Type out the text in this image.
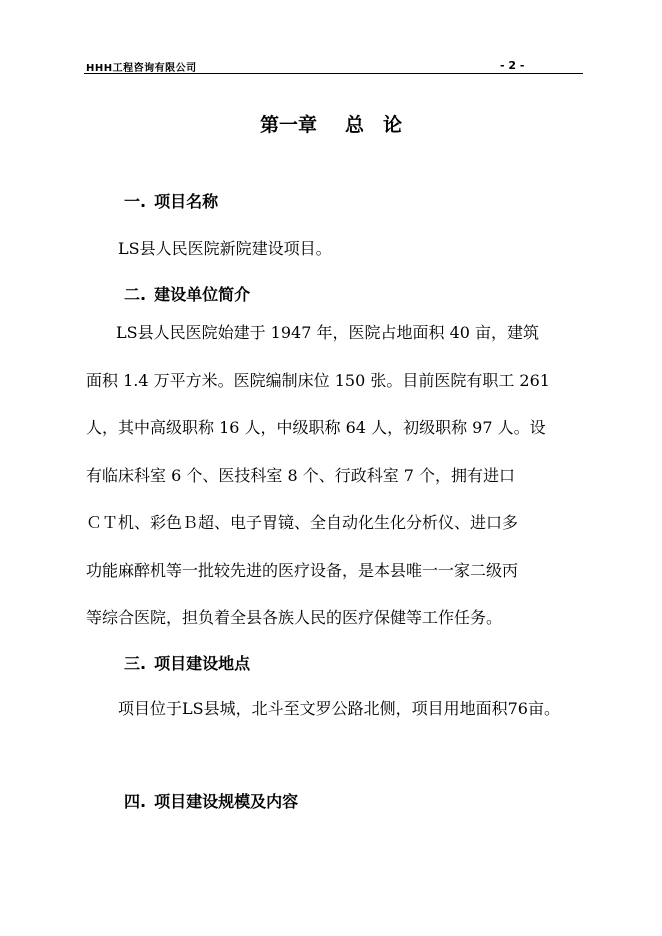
HHH工程咨询有限公司	- 2 -
第一章 总　论
一. 项目名称
LS县人民医院新院建设项目。
二. 建设单位简介
LS县人民医院始建于 1947 年，医院占地面积 40 亩，建筑
面积 1.4 万平方米。医院编制床位 150 张。目前医院有职工 261
人，其中高级职称 16 人，中级职称 64 人，初级职称 97 人。设
有临床科室 6 个、医技科室 8 个、行政科室 7 个，拥有进口
ＣＴ机、彩色Ｂ超、电子胃镜、全自动化生化分析仪、进口多
功能麻醉机等一批较先进的医疗设备，是本县唯一一家二级丙
等综合医院，担负着全县各族人民的医疗保健等工作任务。
三. 项目建设地点
项目位于LS县城，北斗至文罗公路北侧，项目用地面积76亩。
四. 项目建设规模及内容
